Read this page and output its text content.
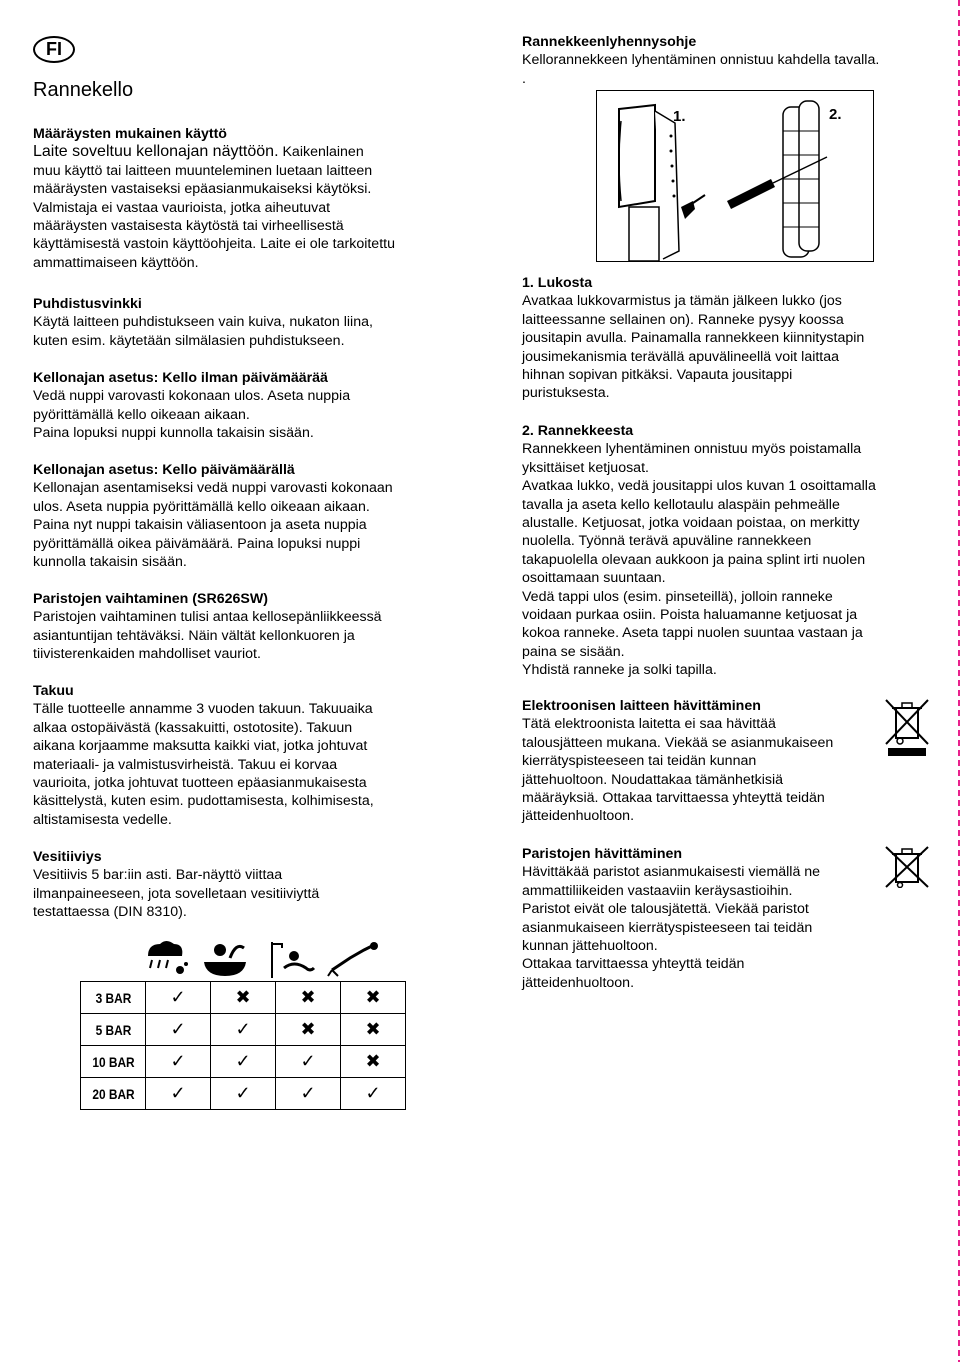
FI
Rannekello
Määräysten mukainen käyttö
Laite soveltuu kellonajan näyttöön. Kaikenlainen
muu käyttö tai laitteen muunteleminen luetaan laitteen
määräysten vastaiseksi epäasianmukaiseksi käytöksi.
Valmistaja ei vastaa vaurioista, jotka aiheutuvat
määräysten vastaisesta käytöstä tai virheellisestä
käyttämisestä vastoin käyttöohjeita. Laite ei ole tarkoitettu
ammattimaiseen käyttöön.
Puhdistusvinkki
Käytä laitteen puhdistukseen vain kuiva, nukaton liina,
kuten esim. käytetään silmälasien puhdistukseen.
Kellonajan asetus: Kello ilman päivämäärää
Vedä nuppi varovasti kokonaan ulos. Aseta nuppia
pyörittämällä kello oikeaan aikaan.
Paina lopuksi nuppi kunnolla takaisin sisään.
Kellonajan asetus: Kello päivämäärällä
Kellonajan asentamiseksi vedä nuppi varovasti kokonaan
ulos. Aseta nuppia pyörittämällä kello oikeaan aikaan.
Paina nyt nuppi takaisin väliasentoon ja aseta nuppia
pyörittämällä oikea päivämäärä. Paina lopuksi nuppi
kunnolla takaisin sisään.
Paristojen vaihtaminen (SR626SW)
Paristojen vaihtaminen tulisi antaa kellosepänliikkeessä
asiantuntijan tehtäväksi. Näin vältät kellonkuoren ja
tiivisterenkaiden mahdolliset vauriot.
Takuu
Tälle tuotteelle annamme 3 vuoden takuun. Takuuaika
alkaa ostopäivästä (kassakuitti, ostotosite). Takuun
aikana korjaamme maksutta kaikki viat, jotka johtuvat
materiaali- ja valmistusvirheistä. Takuu ei korvaa
vaurioita, jotka johtuvat tuotteen epäasianmukaisesta
käsittelystä, kuten esim. pudottamisesta, kolhimisesta,
altistamisesta vedelle.
Vesitiiviys
Vesitiivis 5 bar:iin asti. Bar-näyttö viittaa
ilmanpaineeseen, jota sovelletaan vesitiiviyttä
testattaessa (DIN 8310).
3 BAR	✓	✖	✖	✖
5 BAR	✓	✓	✖	✖
10 BAR	✓	✓	✓	✖
20 BAR	✓	✓	✓	✓
Rannekkeenlyhennysohje
Kellorannekkeen lyhentäminen onnistuu kahdella tavalla.
.
1.	2.
1. Lukosta
Avatkaa lukkovarmistus ja tämän jälkeen lukko (jos
laitteessanne sellainen on). Ranneke pysyy koossa
jousitapin avulla. Painamalla rannekkeen kiinnitystapin
jousimekanismia terävällä apuvälineellä voit laittaa
hihnan sopivan pitkäksi. Vapauta jousitappi
puristuksesta.
2. Rannekkeesta
Rannekkeen lyhentäminen onnistuu myös poistamalla
yksittäiset ketjuosat.
Avatkaa lukko, vedä jousitappi ulos kuvan 1 osoittamalla
tavalla ja aseta kello kellotaulu alaspäin pehmeälle
alustalle. Ketjuosat, jotka voidaan poistaa, on merkitty
nuolella. Työnnä terävä apuväline rannekkeen
takapuolella olevaan aukkoon ja paina splint irti nuolen
osoittamaan suuntaan.
Vedä tappi ulos (esim. pinseteillä), jolloin ranneke
voidaan purkaa osiin. Poista haluamanne ketjuosat ja
kokoa ranneke. Aseta tappi nuolen suuntaa vastaan ja
paina se sisään.
Yhdistä ranneke ja solki tapilla.
Elektroonisen laitteen hävittäminen
Tätä elektroonista laitetta ei saa hävittää
talousjätteen mukana. Viekää se asianmukaiseen
kierrätyspisteeseen tai teidän kunnan
jättehuoltoon. Noudattakaa tämänhetkisiä
määräyksiä. Ottakaa tarvittaessa yhteyttä teidän
jätteidenhuoltoon.
Paristojen hävittäminen
Hävittäkää paristot asianmukaisesti viemällä ne
ammattiliikeiden vastaaviin keräysastioihin.
Paristot eivät ole talousjätettä. Viekää paristot
asianmukaiseen kierrätyspisteeseen tai teidän
kunnan jättehuoltoon.
Ottakaa tarvittaessa yhteyttä teidän
jätteidenhuoltoon.
